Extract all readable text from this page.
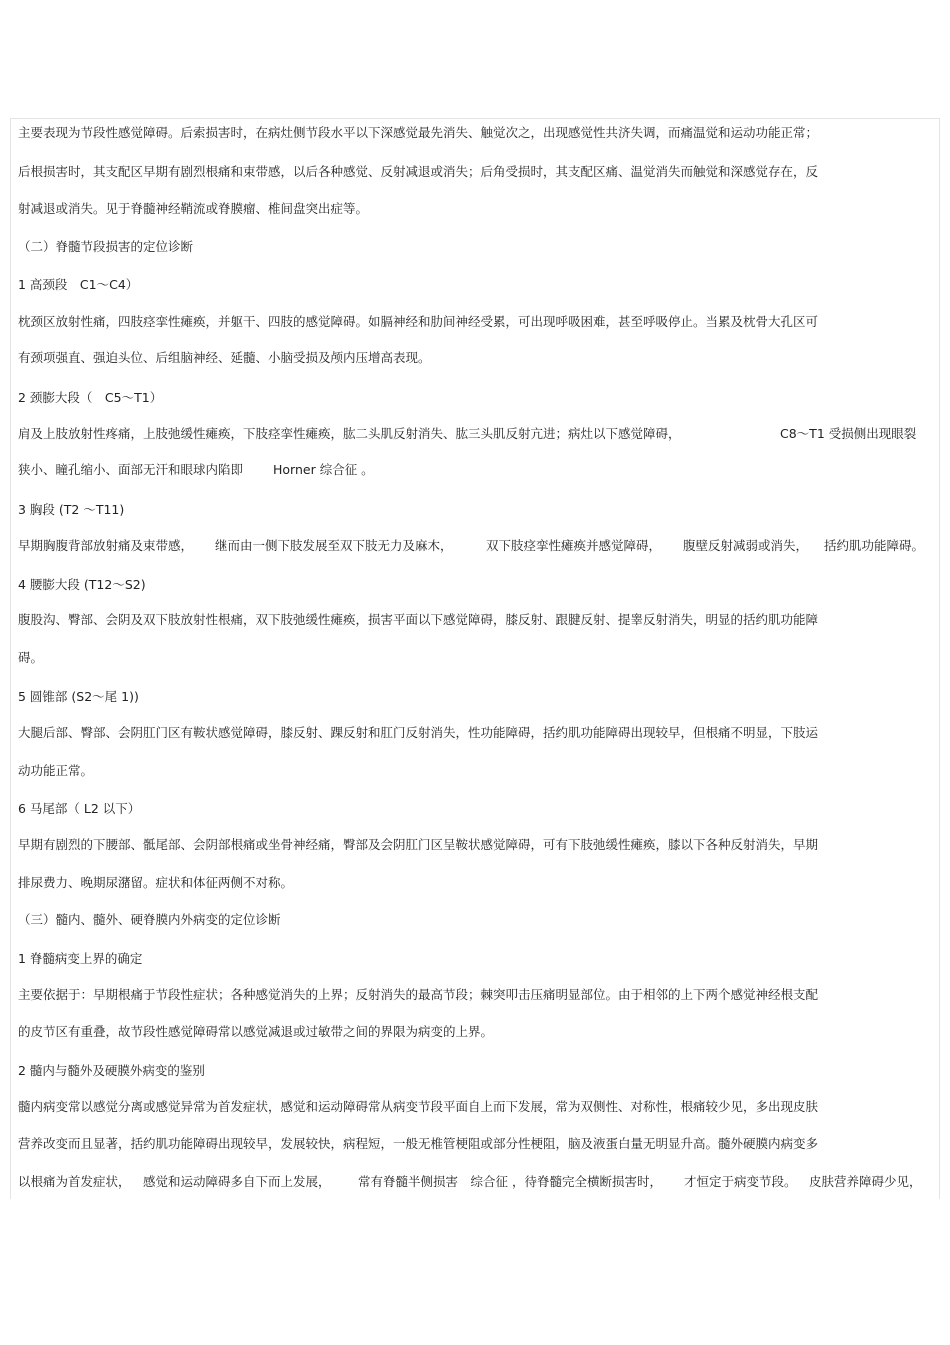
主要表现为节段性感觉障碍。后索损害时，在病灶侧节段水平以下深感觉最先消失、触觉次之，出现感觉性共济失调，而痛温觉和运动功能正常；
后根损害时，其支配区早期有剧烈根痛和束带感，以后各种感觉、反射减退或消失；后角受损时，其支配区痛、温觉消失而触觉和深感觉存在，反
射减退或消失。见于脊髓神经鞘流或脊膜瘤、椎间盘突出症等。
（二）脊髓节段损害的定位诊断
1 高颈段　C1～C4）
枕颈区放射性痛，四肢痉挛性瘫痪，并躯干、四肢的感觉障碍。如膈神经和肋间神经受累，可出现呼吸困难，甚至呼吸停止。当累及枕骨大孔区可
有颈项强直、强迫头位、后组脑神经、延髓、小脑受损及颅内压增高表现。
2 颈膨大段（　C5～T1）
肩及上肢放射性疼痛，上肢弛缓性瘫痪，下肢痉挛性瘫痪，肱二头肌反射消失、肱三头肌反射亢进；病灶以下感觉障碍，	C8～T1 受损侧出现眼裂
狭小、瞳孔缩小、面部无汗和眼球内陷即 Horner 综合征 。
3 胸段 (T2 ～T11)
早期胸腹背部放射痛及束带感， 继而由一侧下肢发展至双下肢无力及麻木，	双下肢痉挛性瘫痪并感觉障碍， 腹壁反射减弱或消失， 括约肌功能障碍。
4 腰膨大段 (T12～S2)
腹股沟、臀部、会阴及双下肢放射性根痛，双下肢弛缓性瘫痪，损害平面以下感觉障碍，膝反射、跟腱反射、提睾反射消失，明显的括约肌功能障
碍。
5 圆锥部 (S2～尾 1))
大腿后部、臀部、会阴肛门区有鞍状感觉障碍，膝反射、踝反射和肛门反射消失，性功能障碍，括约肌功能障碍出现较早，但根痛不明显，下肢运
动功能正常。
6 马尾部（ L2 以下）
早期有剧烈的下腰部、骶尾部、会阴部根痛或坐骨神经痛，臀部及会阴肛门区呈鞍状感觉障碍，可有下肢弛缓性瘫痪，膝以下各种反射消失，早期
排尿费力、晚期尿潴留。症状和体征两侧不对称。
（三）髓内、髓外、硬脊膜内外病变的定位诊断
1 脊髓病变上界的确定
主要依据于：早期根痛于节段性症状；各种感觉消失的上界；反射消失的最高节段；棘突叩击压痛明显部位。由于相邻的上下两个感觉神经根支配
的皮节区有重叠，故节段性感觉障碍常以感觉减退或过敏带之间的界限为病变的上界。
2 髓内与髓外及硬膜外病变的鉴别
髓内病变常以感觉分离或感觉异常为首发症状，感觉和运动障碍常从病变节段平面自上而下发展，常为双侧性、对称性，根痛较少见，多出现皮肤
营养改变而且显著，括约肌功能障碍出现较早，发展较快，病程短，一般无椎管梗阻或部分性梗阻，脑及液蛋白量无明显升高。髓外硬膜内病变多
以根痛为首发症状， 感觉和运动障碍多自下而上发展， 常有脊髓半侧损害　综合征 ，待脊髓完全横断损害时， 才恒定于病变节段。 皮肤营养障碍少见，
